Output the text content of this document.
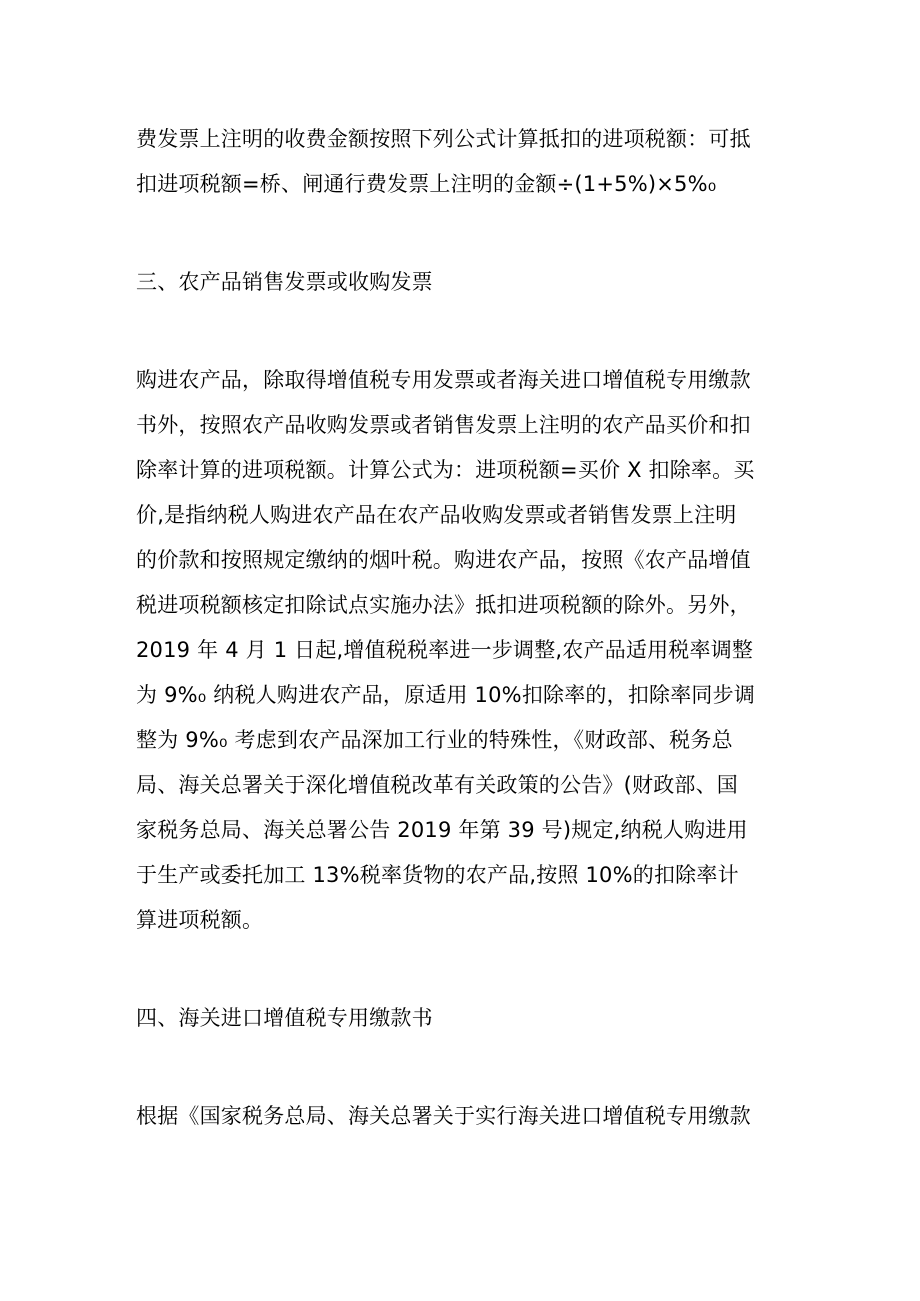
费发票上注明的收费金额按照下列公式计算抵扣的进项税额：可抵
扣进项税额=桥、闸通行费发票上注明的金额÷(1+5%)×5%₀
三、农产品销售发票或收购发票
购进农产品，除取得增值税专用发票或者海关进口增值税专用缴款
书外，按照农产品收购发票或者销售发票上注明的农产品买价和扣
除率计算的进项税额。计算公式为：进项税额=买价 X 扣除率。买
价,是指纳税人购进农产品在农产品收购发票或者销售发票上注明
的价款和按照规定缴纳的烟叶税。购进农产品，按照《农产品增值
税进项税额核定扣除试点实施办法》抵扣进项税额的除外。另外，
2019 年 4 月 1 日起,增值税税率进一步调整,农产品适用税率调整
为 9%₀ 纳税人购进农产品，原适用 10%扣除率的，扣除率同步调
整为 9%₀ 考虑到农产品深加工行业的特殊性，《财政部、税务总
局、海关总署关于深化增值税改革有关政策的公告》(财政部、国
家税务总局、海关总署公告 2019 年第 39 号)规定,纳税人购进用
于生产或委托加工 13%税率货物的农产品,按照 10%的扣除率计
算进项税额。
四、海关进口增值税专用缴款书
根据《国家税务总局、海关总署关于实行海关进口增值税专用缴款
